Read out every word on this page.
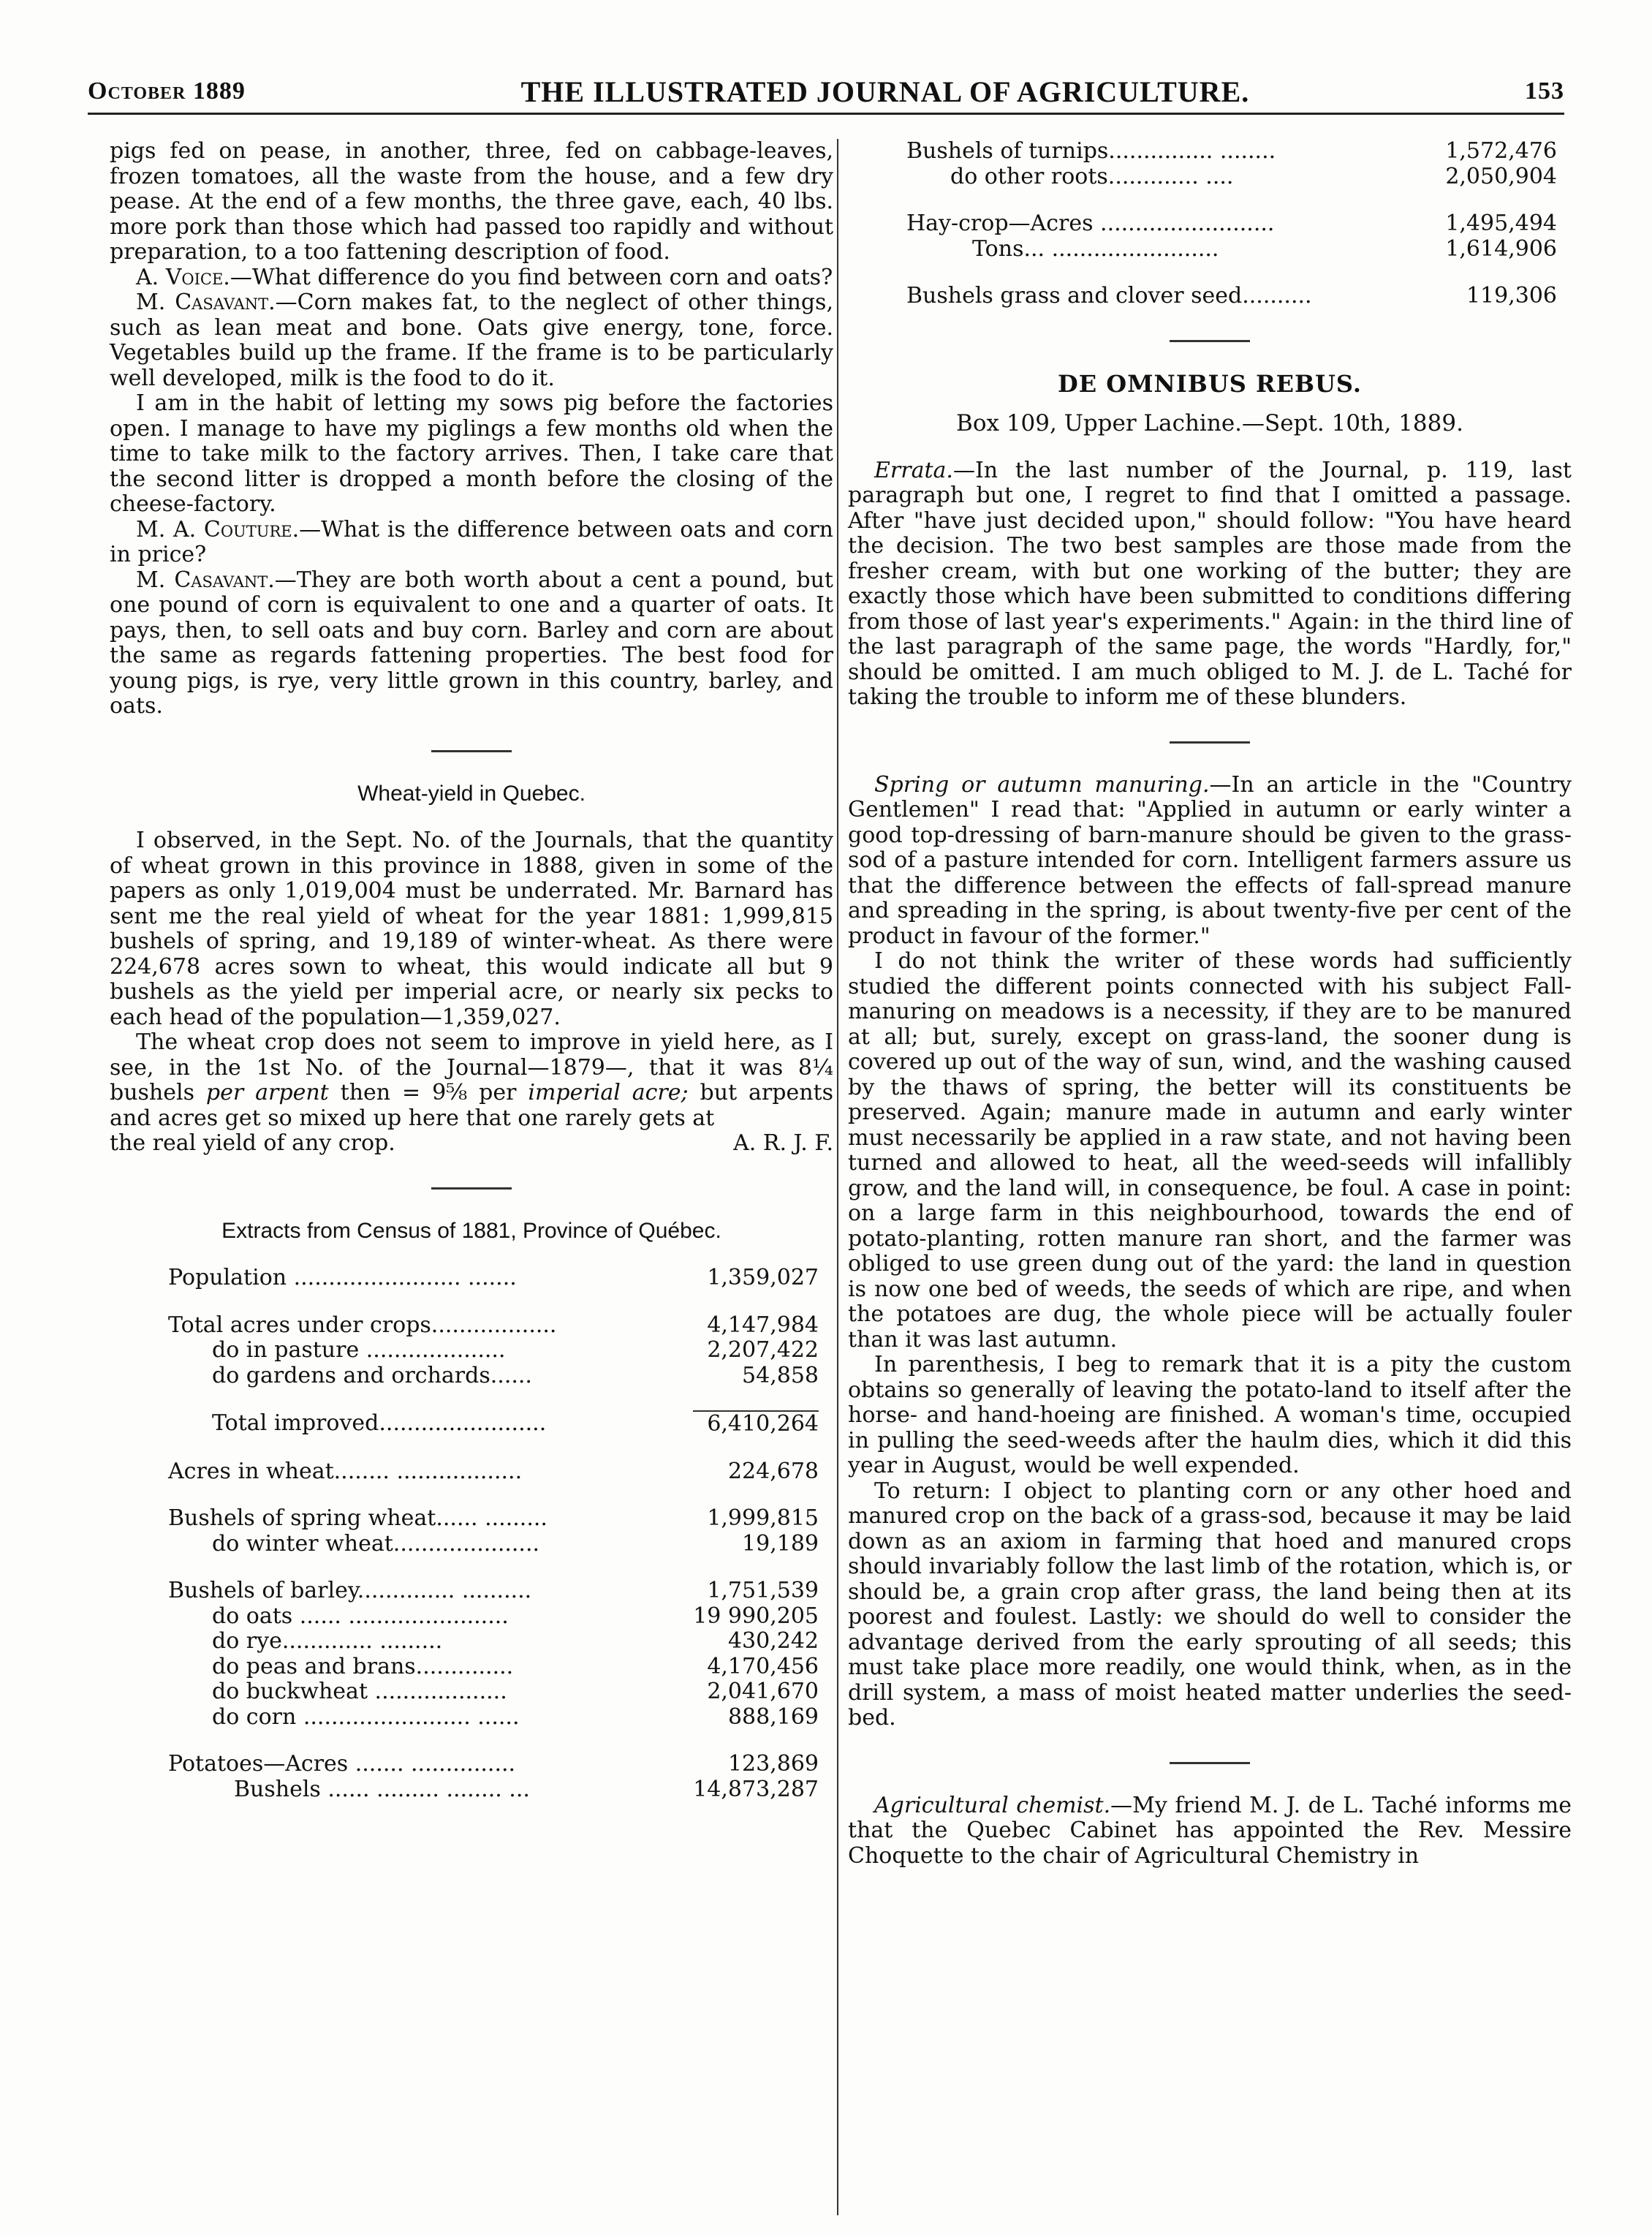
October 1889	THE ILLUSTRATED JOURNAL OF AGRICULTURE.	153

pigs fed on pease, in another, three, fed on cabbage-leaves, frozen tomatoes, all the waste from the house, and a few dry pease. At the end of a few months, the three gave, each, 40 lbs. more pork than those which had passed too rapidly and without preparation, to a too fattening description of food.

A. Voice.—What difference do you find between corn and oats?

M. Casavant.—Corn makes fat, to the neglect of other things, such as lean meat and bone. Oats give energy, tone, force. Vegetables build up the frame. If the frame is to be particularly well developed, milk is the food to do it.

I am in the habit of letting my sows pig before the factories open. I manage to have my piglings a few months old when the time to take milk to the factory arrives. Then, I take care that the second litter is dropped a month before the closing of the cheese-factory.

M. A. Couture.—What is the difference between oats and corn in price?

M. Casavant.—They are both worth about a cent a pound, but one pound of corn is equivalent to one and a quarter of oats. It pays, then, to sell oats and buy corn. Barley and corn are about the same as regards fattening properties. The best food for young pigs, is rye, very little grown in this country, barley, and oats.

Wheat-yield in Quebec.

I observed, in the Sept. No. of the Journals, that the quantity of wheat grown in this province in 1888, given in some of the papers as only 1,019,004 must be underrated. Mr. Barnard has sent me the real yield of wheat for the year 1881: 1,999,815 bushels of spring, and 19,189 of winter-wheat. As there were 224,678 acres sown to wheat, this would indicate all but 9 bushels as the yield per imperial acre, or nearly six pecks to each head of the population—1,359,027.

The wheat crop does not seem to improve in yield here, as I see, in the 1st No. of the Journal—1879—, that it was 8¼ bushels per arpent then = 9⅝ per imperial acre; but arpents and acres get so mixed up here that one rarely gets at

the real yield of any crop.	A. R. J. F.

Extracts from Census of 1881, Province of Québec.
Population ........................ .......	1,359,027

Total acres under crops..................	4,147,984
do in pasture ....................	2,207,422
do gardens and orchards......	54,858

Total improved........................	6,410,264

Acres in wheat........ ..................	224,678

Bushels of spring wheat...... .........	1,999,815
do winter wheat.....................	19,189

Bushels of barley.............. ..........	1,751,539
do oats ...... .......................	19 990,205
do rye............. .........	430,242
do peas and brans..............	4,170,456
do buckwheat ...................	2,041,670
do corn ........................ ......	888,169

Potatoes—Acres ....... ...............	123,869
Bushels ...... ......... ........ ...	14,873,287
Bushels of turnips............... ........	1,572,476
do other roots............. ....	2,050,904

Hay-crop—Acres .........................	1,495,494
Tons... ........................	1,614,906

Bushels grass and clover seed..........	119,306
DE OMNIBUS REBUS.
Box 109, Upper Lachine.—Sept. 10th, 1889.

Errata.—In the last number of the Journal, p. 119, last paragraph but one, I regret to find that I omitted a passage. After "have just decided upon," should follow: "You have heard the decision. The two best samples are those made from the fresher cream, with but one working of the butter; they are exactly those which have been submitted to conditions differing from those of last year's experiments." Again: in the third line of the last paragraph of the same page, the words "Hardly, for," should be omitted. I am much obliged to M. J. de L. Taché for taking the trouble to inform me of these blunders.

Spring or autumn manuring.—In an article in the "Country Gentlemen" I read that: "Applied in autumn or early winter a good top-dressing of barn-manure should be given to the grass-sod of a pasture intended for corn. Intelligent farmers assure us that the difference between the effects of fall-spread manure and spreading in the spring, is about twenty-five per cent of the product in favour of the former."

I do not think the writer of these words had sufficiently studied the different points connected with his subject Fall-manuring on meadows is a necessity, if they are to be manured at all; but, surely, except on grass-land, the sooner dung is covered up out of the way of sun, wind, and the washing caused by the thaws of spring, the better will its constituents be preserved. Again; manure made in autumn and early winter must necessarily be applied in a raw state, and not having been turned and allowed to heat, all the weed-seeds will infallibly grow, and the land will, in consequence, be foul. A case in point: on a large farm in this neighbourhood, towards the end of potato-planting, rotten manure ran short, and the farmer was obliged to use green dung out of the yard: the land in question is now one bed of weeds, the seeds of which are ripe, and when the potatoes are dug, the whole piece will be actually fouler than it was last autumn.

In parenthesis, I beg to remark that it is a pity the custom obtains so generally of leaving the potato-land to itself after the horse- and hand-hoeing are finished. A woman's time, occupied in pulling the seed-weeds after the haulm dies, which it did this year in August, would be well expended.

To return: I object to planting corn or any other hoed and manured crop on the back of a grass-sod, because it may be laid down as an axiom in farming that hoed and manured crops should invariably follow the last limb of the rotation, which is, or should be, a grain crop after grass, the land being then at its poorest and foulest. Lastly: we should do well to consider the advantage derived from the early sprouting of all seeds; this must take place more readily, one would think, when, as in the drill system, a mass of moist heated matter underlies the seed-bed.

Agricultural chemist.—My friend M. J. de L. Taché informs me that the Quebec Cabinet has appointed the Rev. Messire Choquette to the chair of Agricultural Chemistry in
